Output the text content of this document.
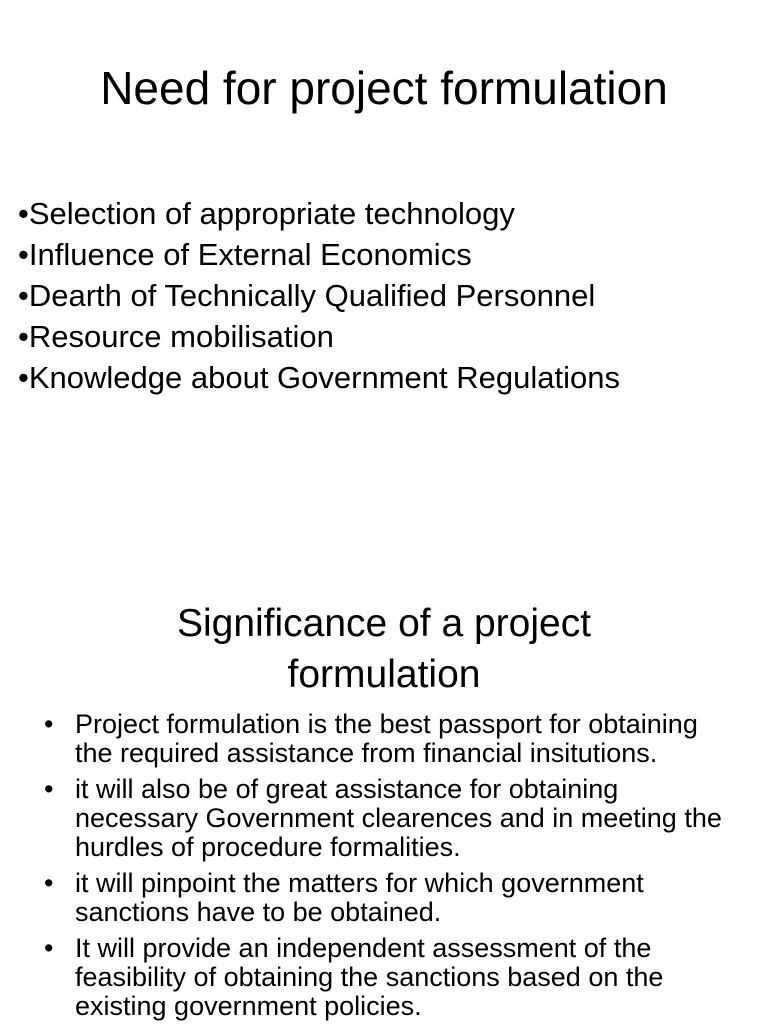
Need for project formulation
•Selection of appropriate technology
•Influence of External Economics
•Dearth of Technically Qualified Personnel
•Resource mobilisation
•Knowledge about Government Regulations
Significance of a project
formulation
• Project formulation is the best passport for obtaining the required assistance from financial insitutions.
• it will also be of great assistance for obtaining necessary Government clearences and in meeting the hurdles of procedure formalities.
• it will pinpoint the matters for which government sanctions have to be obtained.
• It will provide an independent assessment of the feasibility of obtaining the sanctions based on the existing government policies.
